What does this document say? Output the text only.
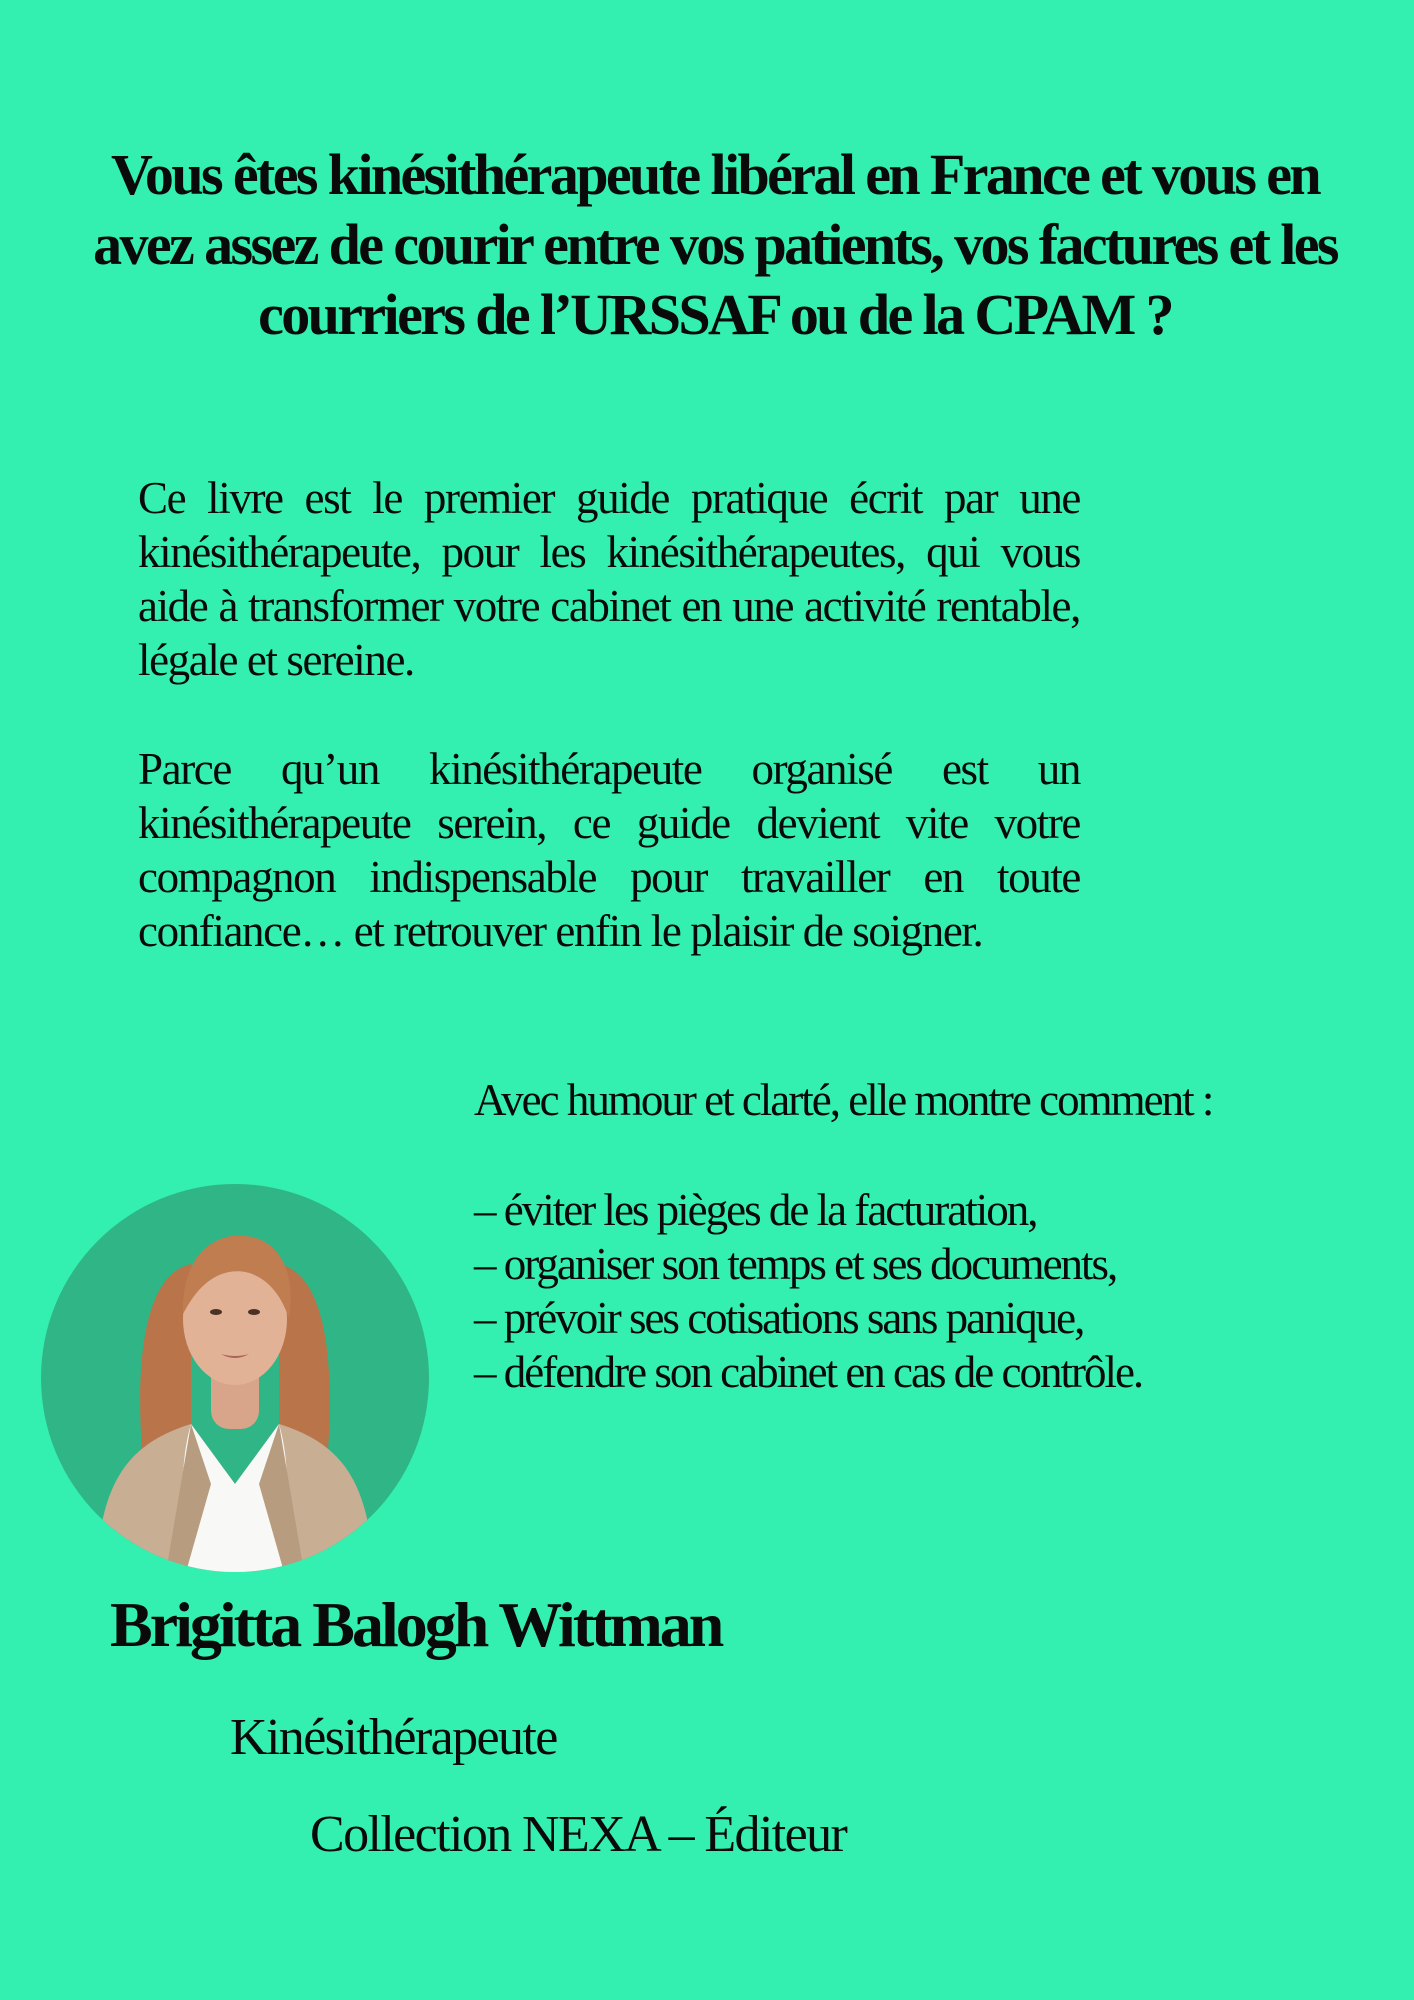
Vous êtes kinésithérapeute libéral en France et vous en
avez assez de courir entre vos patients, vos factures et les
courriers de l’URSSAF ou de la CPAM ?

Ce livre est le premier guide pratique écrit par une kinésithérapeute, pour les kinésithérapeutes, qui vous aide à transformer votre cabinet en une activité rentable, légale et sereine.

Parce qu’un kinésithérapeute organisé est un kinésithérapeute serein, ce guide devient vite votre compagnon indispensable pour travailler en toute confiance… et retrouver enfin le plaisir de soigner.

Avec humour et clarté, elle montre comment :

– éviter les pièges de la facturation,
– organiser son temps et ses documents,
– prévoir ses cotisations sans panique,
– défendre son cabinet en cas de contrôle.

Brigitta Balogh Wittman

Kinésithérapeute

Collection NEXA – Éditeur
